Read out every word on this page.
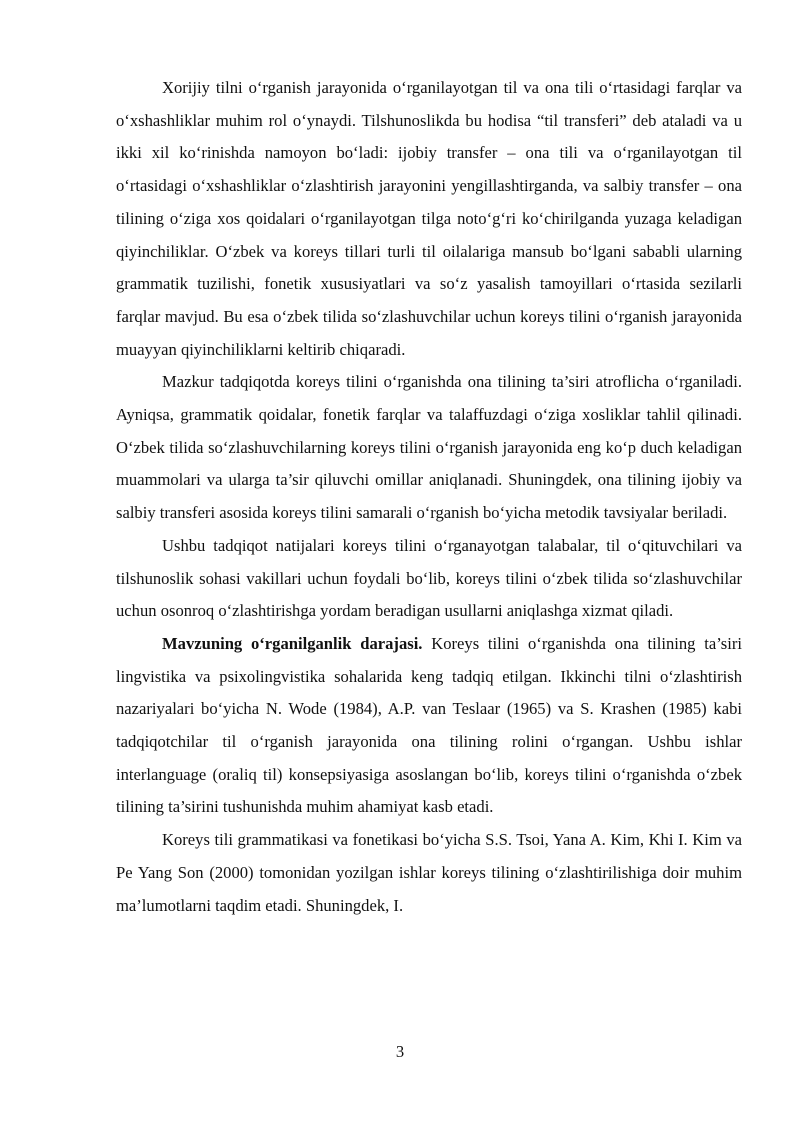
Xorijiy tilni o‘rganish jarayonida o‘rganilayotgan til va ona tili o‘rtasidagi farqlar va o‘xshashliklar muhim rol o‘ynaydi. Tilshunoslikda bu hodisa “til transferi” deb ataladi va u ikki xil ko‘rinishda namoyon bo‘ladi: ijobiy transfer – ona tili va o‘rganilayotgan til o‘rtasidagi o‘xshashliklar o‘zlashtirish jarayonini yengillashtirganda, va salbiy transfer – ona tilining o‘ziga xos qoidalari o‘rganilayotgan tilga noto‘g‘ri ko‘chirilganda yuzaga keladigan qiyinchiliklar. O‘zbek va koreys tillari turli til oilalariga mansub bo‘lgani sababli ularning grammatik tuzilishi, fonetik xususiyatlari va so‘z yasalish tamoyillari o‘rtasida sezilarli farqlar mavjud. Bu esa o‘zbek tilida so‘zlashuvchilar uchun koreys tilini o‘rganish jarayonida muayyan qiyinchiliklarni keltirib chiqaradi.

Mazkur tadqiqotda koreys tilini o‘rganishda ona tilining ta’siri atroflicha o‘rganiladi. Ayniqsa, grammatik qoidalar, fonetik farqlar va talaffuzdagi o‘ziga xosliklar tahlil qilinadi. O‘zbek tilida so‘zlashuvchilarning koreys tilini o‘rganish jarayonida eng ko‘p duch keladigan muammolari va ularga ta’sir qiluvchi omillar aniqlanadi. Shuningdek, ona tilining ijobiy va salbiy transferi asosida koreys tilini samarali o‘rganish bo‘yicha metodik tavsiyalar beriladi.

Ushbu tadqiqot natijalari koreys tilini o‘rganayotgan talabalar, til o‘qituvchilari va tilshunoslik sohasi vakillari uchun foydali bo‘lib, koreys tilini o‘zbek tilida so‘zlashuvchilar uchun osonroq o‘zlashtirishga yordam beradigan usullarni aniqlashga xizmat qiladi.

Mavzuning o‘rganilganlik darajasi. Koreys tilini o‘rganishda ona tilining ta’siri lingvistika va psixolingvistika sohalarida keng tadqiq etilgan. Ikkinchi tilni o‘zlashtirish nazariyalari bo‘yicha N. Wode (1984), A.P. van Teslaar (1965) va S. Krashen (1985) kabi tadqiqotchilar til o‘rganish jarayonida ona tilining rolini o‘rgangan. Ushbu ishlar interlanguage (oraliq til) konsepsiyasiga asoslangan bo‘lib, koreys tilini o‘rganishda o‘zbek tilining ta’sirini tushunishda muhim ahamiyat kasb etadi.

Koreys tili grammatikasi va fonetikasi bo‘yicha S.S. Tsoi, Yana A. Kim, Khi I. Kim va Pe Yang Son (2000) tomonidan yozilgan ishlar koreys tilining o‘zlashtirilishiga doir muhim ma’lumotlarni taqdim etadi. Shuningdek, I.

3
